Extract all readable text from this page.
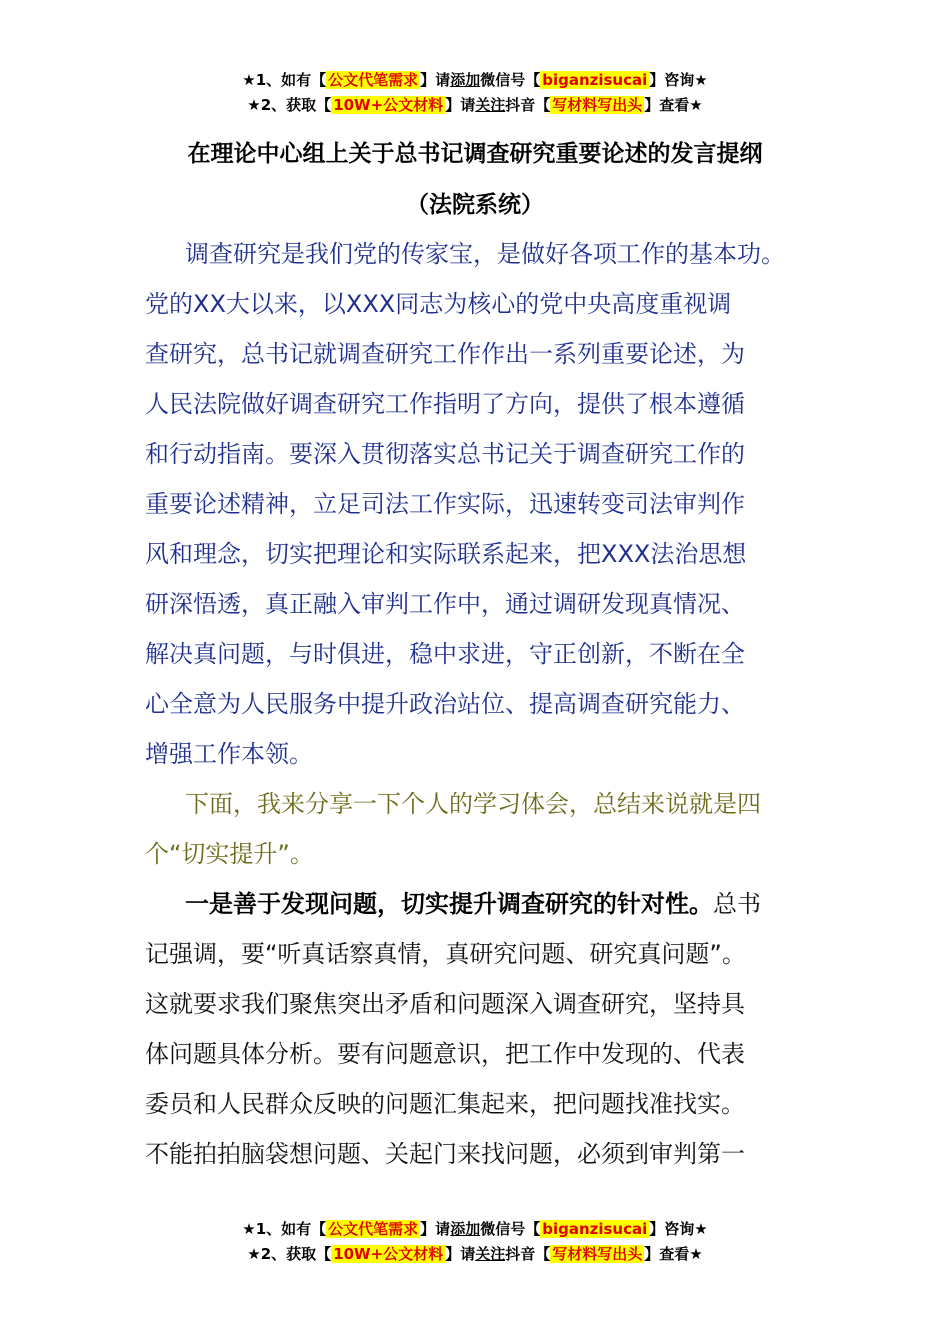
★1、如有【 公文代笔需求 】请添加微信号【 biganzisucai 】咨询★
★2、获取【 10W+公文材料 】请关注抖音【 写材料写出头 】查看★
在理论中心组上关于总书记调查研究重要论述的发言提纲
（法院系统）

调查研究是我们党的传家宝，是做好各项工作的基本功。
党的XX大以来，以XXX同志为核心的党中央高度重视调
查研究，总书记就调查研究工作作出一系列重要论述，为
人民法院做好调查研究工作指明了方向，提供了根本遵循
和行动指南。要深入贯彻落实总书记关于调查研究工作的
重要论述精神，立足司法工作实际，迅速转变司法审判作
风和理念，切实把理论和实际联系起来，把XXX法治思想
研深悟透，真正融入审判工作中，通过调研发现真情况、
解决真问题，与时俱进，稳中求进，守正创新，不断在全
心全意为人民服务中提升政治站位、提高调查研究能力、
增强工作本领。

下面，我来分享一下个人的学习体会，总结来说就是四
个“切实提升”。

一是善于发现问题，切实提升调查研究的针对性。总书
记强调，要“听真话察真情，真研究问题、研究真问题”。
这就要求我们聚焦突出矛盾和问题深入调查研究，坚持具
体问题具体分析。要有问题意识，把工作中发现的、代表
委员和人民群众反映的问题汇集起来，把问题找准找实。
不能拍拍脑袋想问题、关起门来找问题，必须到审判第一

★1、如有【 公文代笔需求 】请添加微信号【 biganzisucai 】咨询★
★2、获取【 10W+公文材料 】请关注抖音【 写材料写出头 】查看★
